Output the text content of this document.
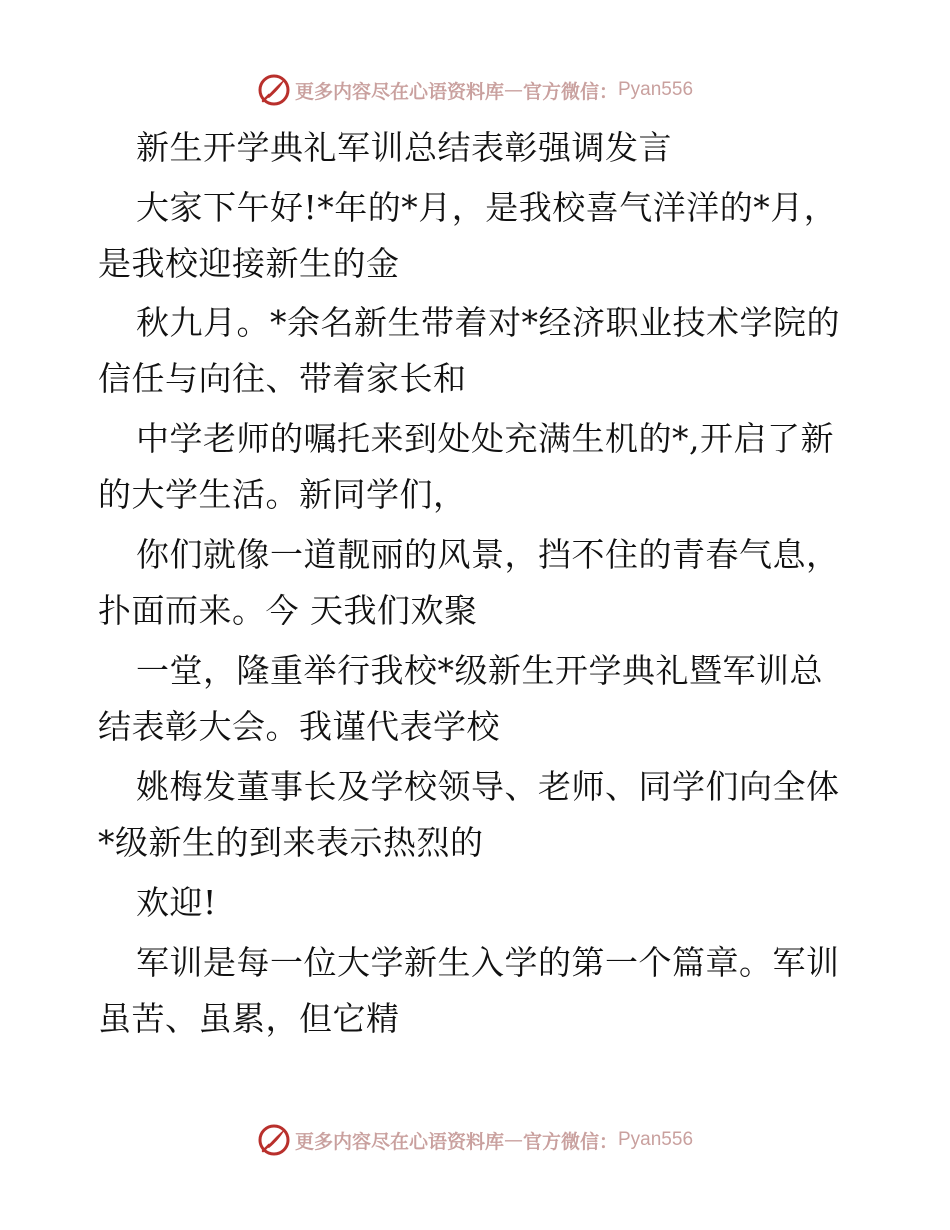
更多内容尽在心语资料库 — 官方微信： Pyan556
新生开学典礼军训总结表彰强调发言
大家下午好!*年的*月，是我校喜气洋洋的*月，
是我校迎接新生的金
秋九月。*余名新生带着对*经济职业技术学院的
信任与向往、带着家长和
中学老师的嘱托来到处处充满生机的*,开启了新
的大学生活。新同学们，
你们就像一道靓丽的风景，挡不住的青春气息，
扑面而来。今 天我们欢聚
一堂，隆重举行我校*级新生开学典礼暨军训总
结表彰大会。我谨代表学校
姚梅发董事长及学校领导、老师、同学们向全体
*级新生的到来表示热烈的
欢迎!
军训是每一位大学新生入学的第一个篇章。军训
虽苦、虽累，但它精
更多内容尽在心语资料库 — 官方微信： Pyan556
